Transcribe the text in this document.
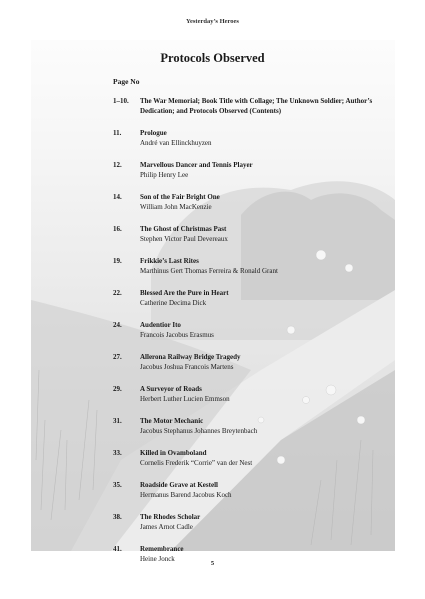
Yesterday’s Heroes
Protocols Observed
Page No
1–10.	The War Memorial; Book Title with Collage; The Unknown Soldier; Author’s Dedication; and Protocols Observed (Contents)
11.	Prologue
André van Ellinckhuyzen
12.	Marvellous Dancer and Tennis Player
Philip Henry Lee
14.	Son of the Fair Bright One
William John MacKenzie
16.	The Ghost of Christmas Past
Stephen Victor Paul Devereaux
19.	Frikkie’s Last Rites
Marthinus Gert Thomas Ferreira & Ronald Grant
22.	Blessed Are the Pure in Heart
Catherine Decima Dick
24.	Audentior Ito
Francois Jacobus Erasmus
27.	Allerona Railway Bridge Tragedy
Jacobus Joshua Francois Martens
29.	A Surveyor of Roads
Herbert Luther Lucien Emmson
31.	The Motor Mechanic
Jacobus Stephanus Johannes Breytenbach
33.	Killed in Ovamboland
Cornelis Frederik “Corrie” van der Nest
35.	Roadside Grave at Kestell
Hermanus Barend Jacobus Koch
38.	The Rhodes Scholar
James Arnot Cadle
41.	Remembrance
Heine Jonck
5
